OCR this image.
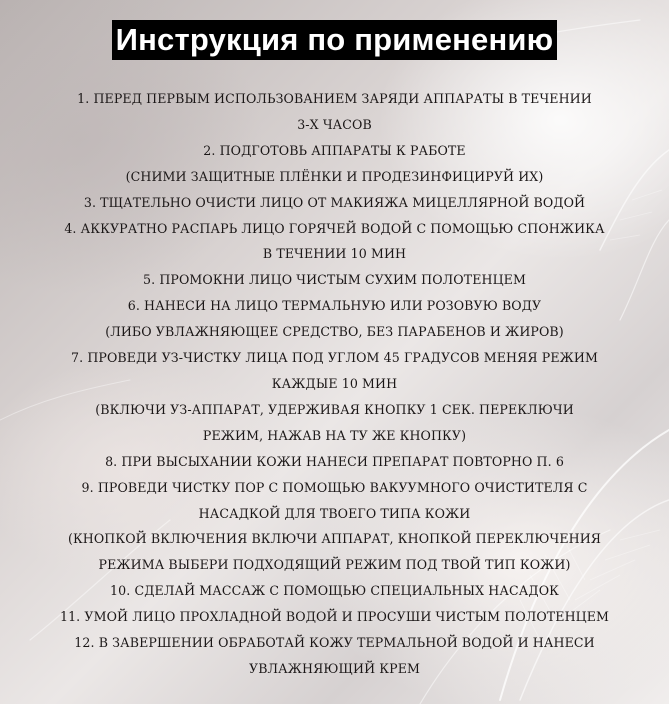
Инструкция по применению
1. ПЕРЕД ПЕРВЫМ ИСПОЛЬЗОВАНИЕМ ЗАРЯДИ АППАРАТЫ В ТЕЧЕНИИ
3-Х ЧАСОВ
2. ПОДГОТОВЬ АППАРАТЫ К РАБОТЕ
(СНИМИ ЗАЩИТНЫЕ ПЛЁНКИ И ПРОДЕЗИНФИЦИРУЙ ИХ)
3. ТЩАТЕЛЬНО ОЧИСТИ ЛИЦО ОТ МАКИЯЖА МИЦЕЛЛЯРНОЙ ВОДОЙ
4. АККУРАТНО РАСПАРЬ ЛИЦО ГОРЯЧЕЙ ВОДОЙ С ПОМОЩЬЮ СПОНЖИКА
В ТЕЧЕНИИ 10 МИН
5. ПРОМОКНИ ЛИЦО ЧИСТЫМ СУХИМ ПОЛОТЕНЦЕМ
6. НАНЕСИ НА ЛИЦО ТЕРМАЛЬНУЮ ИЛИ РОЗОВУЮ ВОДУ
(ЛИБО УВЛАЖНЯЮЩЕЕ СРЕДСТВО, БЕЗ ПАРАБЕНОВ И ЖИРОВ)
7. ПРОВЕДИ УЗ-ЧИСТКУ ЛИЦА ПОД УГЛОМ 45 ГРАДУСОВ МЕНЯЯ РЕЖИМ
КАЖДЫЕ 10 МИН
(ВКЛЮЧИ УЗ-АППАРАТ, УДЕРЖИВАЯ КНОПКУ 1 СЕК. ПЕРЕКЛЮЧИ
РЕЖИМ, НАЖАВ НА ТУ ЖЕ КНОПКУ)
8. ПРИ ВЫСЫХАНИИ КОЖИ НАНЕСИ ПРЕПАРАТ ПОВТОРНО П. 6
9. ПРОВЕДИ ЧИСТКУ ПОР С ПОМОЩЬЮ ВАКУУМНОГО ОЧИСТИТЕЛЯ С
НАСАДКОЙ ДЛЯ ТВОЕГО ТИПА КОЖИ
(КНОПКОЙ ВКЛЮЧЕНИЯ ВКЛЮЧИ АППАРАТ, КНОПКОЙ ПЕРЕКЛЮЧЕНИЯ
РЕЖИМА ВЫБЕРИ ПОДХОДЯЩИЙ РЕЖИМ ПОД ТВОЙ ТИП КОЖИ)
10. СДЕЛАЙ МАССАЖ С ПОМОЩЬЮ СПЕЦИАЛЬНЫХ НАСАДОК
11. УМОЙ ЛИЦО ПРОХЛАДНОЙ ВОДОЙ И ПРОСУШИ ЧИСТЫМ ПОЛОТЕНЦЕМ
12. В ЗАВЕРШЕНИИ ОБРАБОТАЙ КОЖУ ТЕРМАЛЬНОЙ ВОДОЙ И НАНЕСИ
УВЛАЖНЯЮЩИЙ КРЕМ
